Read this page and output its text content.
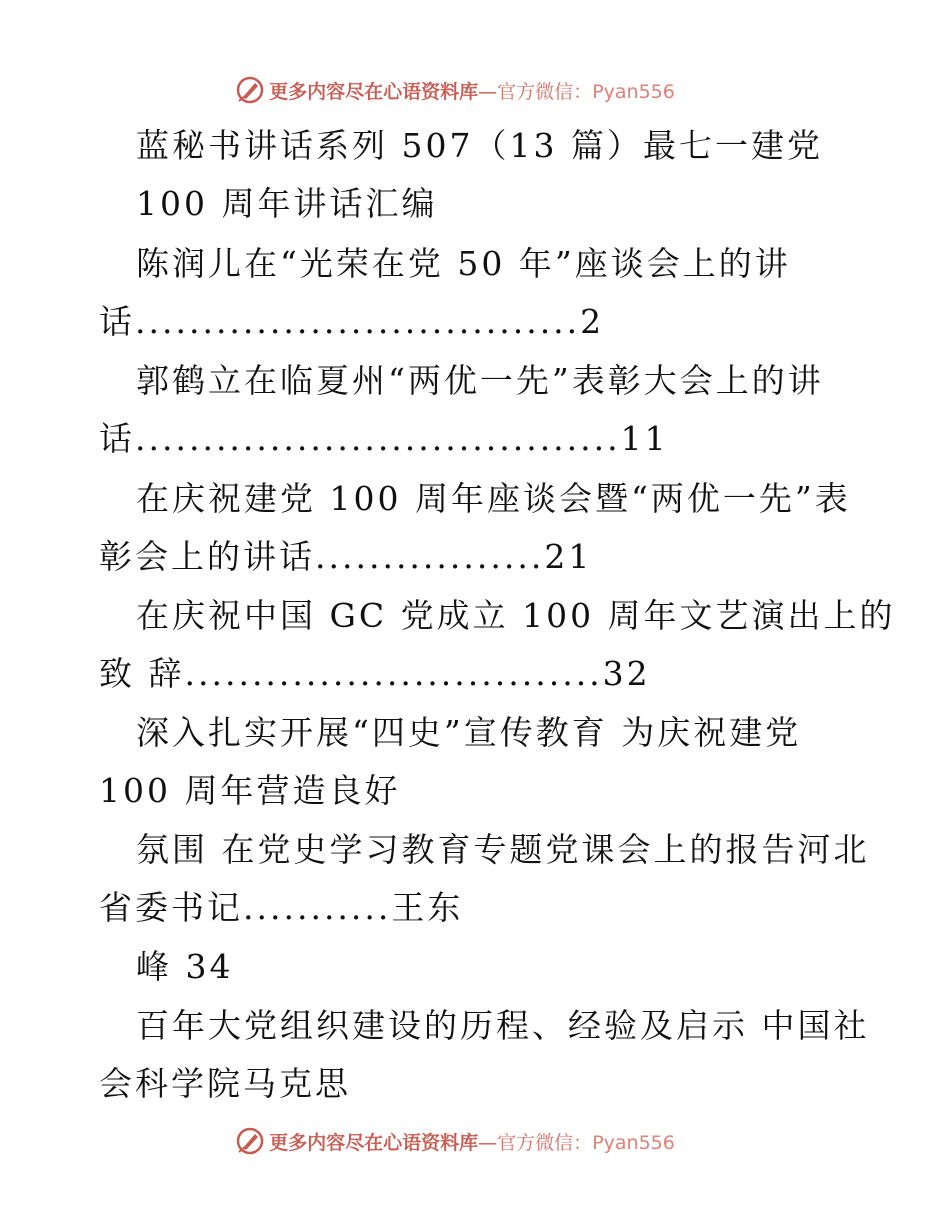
更多内容尽在心语资料库—官方微信：Pyan556
蓝秘书讲话系列 507（13 篇）最七一建党
100 周年讲话汇编
陈润儿在“光荣在党 50 年”座谈会上的讲
话.................................2
郭鹤立在临夏州“两优一先”表彰大会上的讲
话....................................11
在庆祝建党 100 周年座谈会暨“两优一先”表
彰会上的讲话.................21
在庆祝中国 GC 党成立 100 周年文艺演出上的
致 辞...............................32
深入扎实开展“四史”宣传教育 为庆祝建党
100 周年营造良好
氛围 在党史学习教育专题党课会上的报告河北
省委书记...........王东
峰 34
百年大党组织建设的历程、经验及启示 中国社
会科学院马克思
更多内容尽在心语资料库—官方微信：Pyan556
